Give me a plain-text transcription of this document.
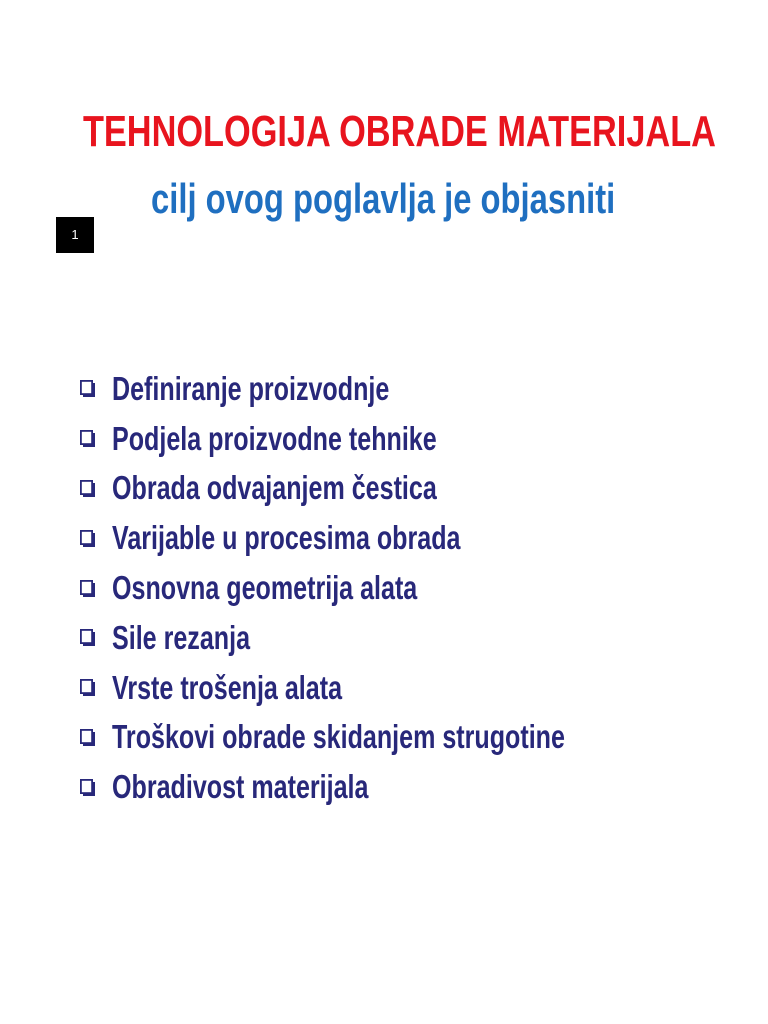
TEHNOLOGIJA OBRADE MATERIJALA
cilj ovog poglavlja je objasniti
1
Definiranje proizvodnje
Podjela proizvodne tehnike
Obrada odvajanjem čestica
Varijable u procesima obrada
Osnovna geometrija alata
Sile rezanja
Vrste trošenja alata
Troškovi obrade skidanjem strugotine
Obradivost materijala
